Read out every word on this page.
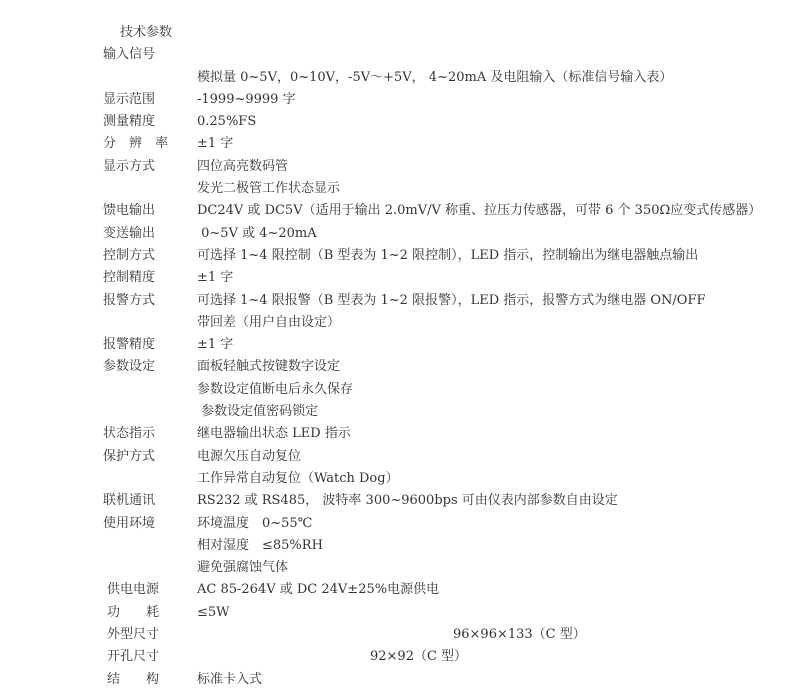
技术参数
输入信号
模拟量 0~5V，0~10V，-5V～+5V， 4~20mA 及电阻输入（标准信号输入表）
显示范围	-1999~9999 字
测量精度	0.25%FS
分　辨　率	±1 字
显示方式	四位高亮数码管
发光二极管工作状态显示
馈电输出	DC24V 或 DC5V（适用于输出 2.0mV/V 称重、拉压力传感器，可带 6 个 350Ω应变式传感器）
变送输出	0~5V 或 4~20mA
控制方式	可选择 1~4 限控制（B 型表为 1~2 限控制），LED 指示，控制输出为继电器触点输出
控制精度	±1 字
报警方式	可选择 1~4 限报警（B 型表为 1~2 限报警），LED 指示，报警方式为继电器 ON/OFF
带回差（用户自由设定）
报警精度	±1 字
参数设定	面板轻触式按键数字设定
参数设定值断电后永久保存
参数设定值密码锁定
状态指示	继电器输出状态 LED 指示
保护方式	电源欠压自动复位
工作异常自动复位（Watch Dog）
联机通讯	RS232 或 RS485， 波特率 300~9600bps 可由仪表内部参数自由设定
使用环境	环境温度　0~55℃
相对湿度　≤85%RH
避免强腐蚀气体
供电电源	AC 85-264V 或 DC 24V±25%电源供电
功　　耗	≤5W
外型尺寸	96×96×133（C 型）
开孔尺寸	92×92（C 型）
结　　构	标准卡入式
